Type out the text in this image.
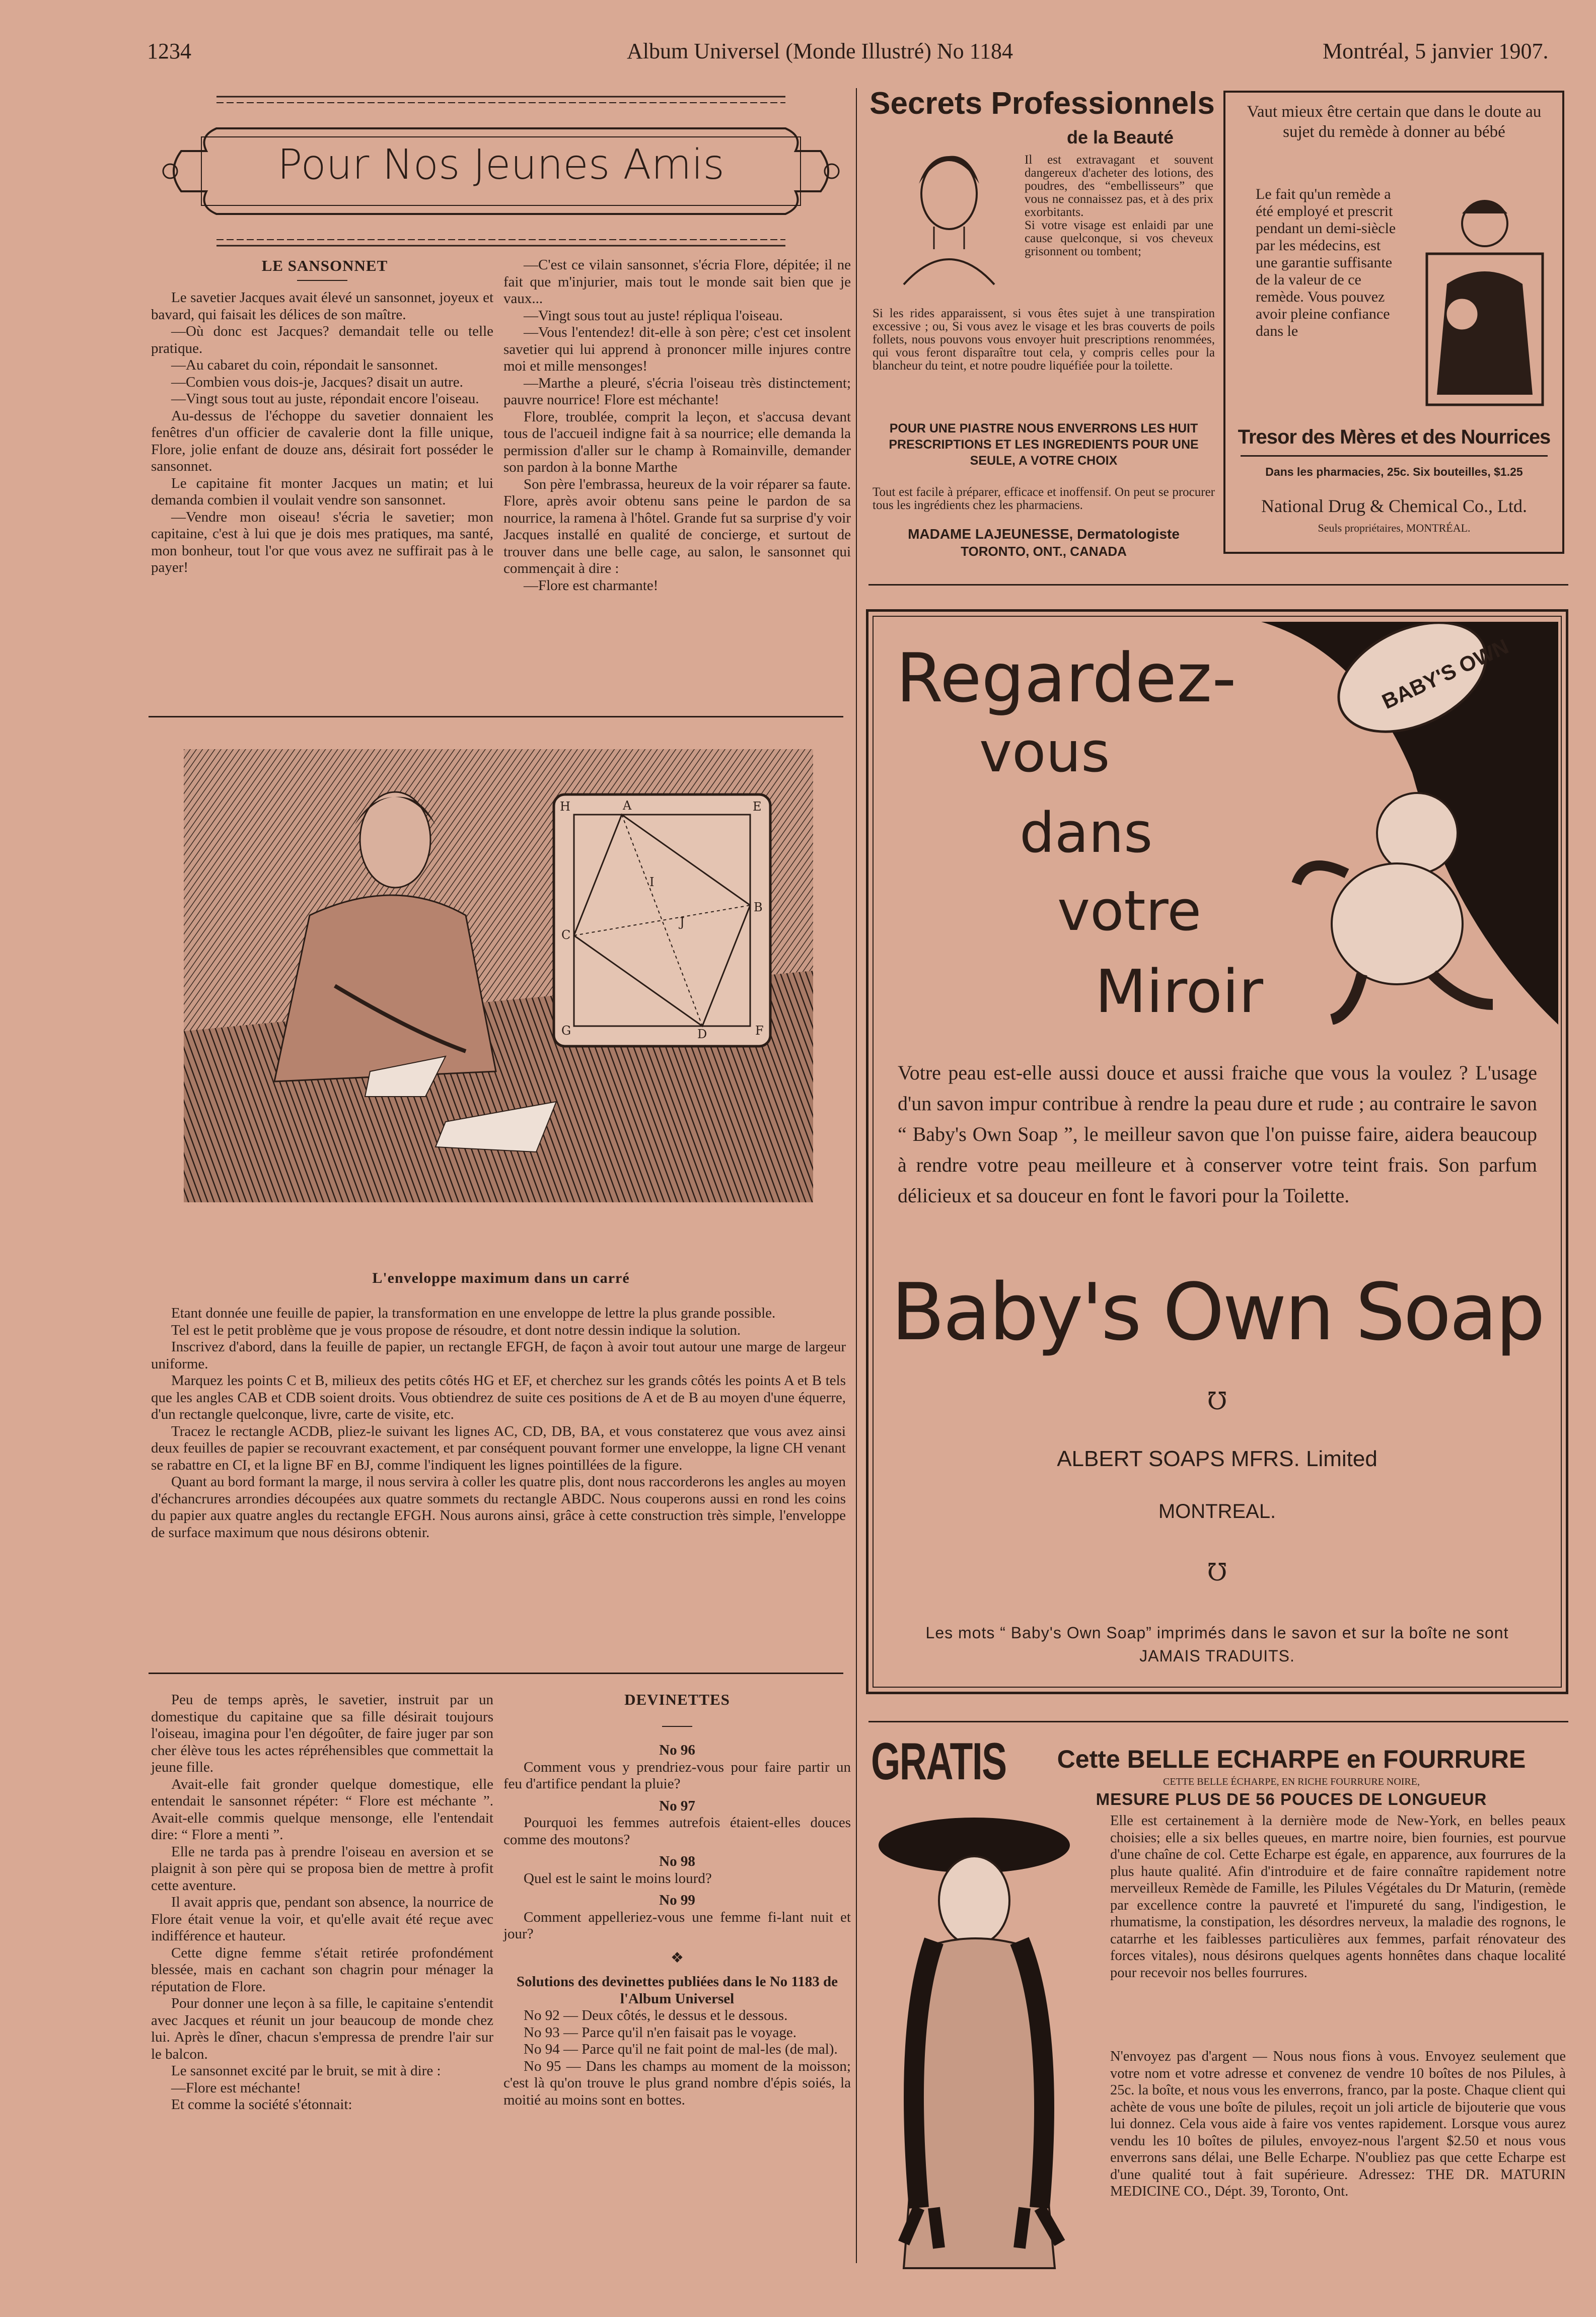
1234	Album Universel (Monde Illustré) No 1184	Montréal, 5 janvier 1907.
Pour Nos Jeunes Amis
LE SANSONNET

Le savetier Jacques avait élevé un sansonnet, joyeux et bavard, qui faisait les délices de son maître.

—Où donc est Jacques? demandait telle ou telle pratique.

—Au cabaret du coin, répondait le sansonnet.

—Combien vous dois-je, Jacques? disait un autre.

—Vingt sous tout au juste, répondait encore l'oiseau.

Au-dessus de l'échoppe du savetier donnaient les fenêtres d'un officier de cavalerie dont la fille unique, Flore, jolie enfant de douze ans, désirait fort posséder le sansonnet.

Le capitaine fit monter Jacques un matin; et lui demanda combien il voulait vendre son sansonnet.

—Vendre mon oiseau! s'écria le savetier; mon capitaine, c'est à lui que je dois mes pratiques, ma santé, mon bonheur, tout l'or que vous avez ne suffirait pas à le payer!

—C'est ce vilain sansonnet, s'écria Flore, dépitée; il ne fait que m'injurier, mais tout le monde sait bien que je vaux...

—Vingt sous tout au juste! répliqua l'oiseau.

—Vous l'entendez! dit-elle à son père; c'est cet insolent savetier qui lui apprend à prononcer mille injures contre moi et mille mensonges!

—Marthe a pleuré, s'écria l'oiseau très distinctement; pauvre nourrice! Flore est méchante!

Flore, troublée, comprit la leçon, et s'accusa devant tous de l'accueil indigne fait à sa nourrice; elle demanda la permission d'aller sur le champ à Romainville, demander son pardon à la bonne Marthe

Son père l'embrassa, heureux de la voir réparer sa faute. Flore, après avoir obtenu sans peine le pardon de sa nourrice, la ramena à l'hôtel. Grande fut sa surprise d'y voir Jacques installé en qualité de concierge, et surtout de trouver dans une belle cage, au salon, le sansonnet qui commençait à dire :

—Flore est charmante!

H	A	E
C
B
G	D	F
I
J
L'enveloppe maximum dans un carré

Etant donnée une feuille de papier, la transformation en une enveloppe de lettre la plus grande possible.

Tel est le petit problème que je vous propose de résoudre, et dont notre dessin indique la solution.

Inscrivez d'abord, dans la feuille de papier, un rectangle EFGH, de façon à avoir tout autour une marge de largeur uniforme.

Marquez les points C et B, milieux des petits côtés HG et EF, et cherchez sur les grands côtés les points A et B tels que les angles CAB et CDB soient droits. Vous obtiendrez de suite ces positions de A et de B au moyen d'une équerre, d'un rectangle quelconque, livre, carte de visite, etc.

Tracez le rectangle ACDB, pliez-le suivant les lignes AC, CD, DB, BA, et vous constaterez que vous avez ainsi deux feuilles de papier se recouvrant exactement, et par conséquent pouvant former une enveloppe, la ligne CH venant se rabattre en CI, et la ligne BF en BJ, comme l'indiquent les lignes pointillées de la figure.

Quant au bord formant la marge, il nous servira à coller les quatre plis, dont nous raccorderons les angles au moyen d'échancrures arrondies découpées aux quatre sommets du rectangle ABDC. Nous couperons aussi en rond les coins du papier aux quatre angles du rectangle EFGH. Nous aurons ainsi, grâce à cette construction très simple, l'enveloppe de surface maximum que nous désirons obtenir.

Peu de temps après, le savetier, instruit par un domestique du capitaine que sa fille désirait toujours l'oiseau, imagina pour l'en dégoûter, de faire juger par son cher élève tous les actes répréhensibles que commettait la jeune fille.

Avait-elle fait gronder quelque domestique, elle entendait le sansonnet répéter: “ Flore est méchante ”. Avait-elle commis quelque mensonge, elle l'entendait dire: “ Flore a menti ”.

Elle ne tarda pas à prendre l'oiseau en aversion et se plaignit à son père qui se proposa bien de mettre à profit cette aventure.

Il avait appris que, pendant son absence, la nourrice de Flore était venue la voir, et qu'elle avait été reçue avec indifférence et hauteur.

Cette digne femme s'était retirée profondément blessée, mais en cachant son chagrin pour ménager la réputation de Flore.

Pour donner une leçon à sa fille, le capitaine s'entendit avec Jacques et réunit un jour beaucoup de monde chez lui. Après le dîner, chacun s'empressa de prendre l'air sur le balcon.

Le sansonnet excité par le bruit, se mit à dire :

—Flore est méchante!

Et comme la société s'étonnait:

DEVINETTES

No 96

Comment vous y prendriez-vous pour faire partir un feu d'artifice pendant la pluie?

No 97

Pourquoi les femmes autrefois étaient-elles douces comme des moutons?

No 98

Quel est le saint le moins lourd?

No 99

Comment appelleriez-vous une femme fi-lant nuit et jour?

❖

Solutions des devinettes publiées dans le No 1183 de l'Album Universel

No 92 — Deux côtés, le dessus et le dessous.

No 93 — Parce qu'il n'en faisait pas le voyage.

No 94 — Parce qu'il ne fait point de mal-les (de mal).

No 95 — Dans les champs au moment de la moisson; c'est là qu'on trouve le plus grand nombre d'épis soiés, la moitié au moins sont en bottes.

Secrets Professionnels
de la Beauté
Il est extravagant et souvent dangereux d'acheter des lotions, des poudres, des “embellisseurs” que vous ne connaissez pas, et à des prix exorbitants.
Si votre visage est enlaidi par une cause quelconque, si vos cheveux grisonnent ou tombent;
Si les rides apparaissent, si vous êtes sujet à une transpiration excessive ; ou, Si vous avez le visage et les bras couverts de poils follets, nous pouvons vous envoyer huit prescriptions renommées, qui vous feront disparaître tout cela, y compris celles pour la blancheur du teint, et notre poudre liquéfiée pour la toilette.
POUR UNE PIASTRE NOUS ENVERRONS LES HUIT PRESCRIPTIONS ET LES INGREDIENTS POUR UNE SEULE, A VOTRE CHOIX
Tout est facile à préparer, efficace et inoffensif. On peut se procurer tous les ingrédients chez les pharmaciens.
MADAME LAJEUNESSE, Dermatologiste
TORONTO, ONT., CANADA
Vaut mieux être certain que dans le doute au sujet du remède à donner au bébé
Le fait qu'un remède a été employé et prescrit pendant un demi-siècle par les médecins, est une garantie suffisante de la valeur de ce remède. Vous pouvez avoir pleine confiance dans le
Tresor des Mères et des Nourrices
Dans les pharmacies, 25c. Six bouteilles, $1.25
National Drug & Chemical Co., Ltd.
Seuls propriétaires, MONTRÉAL.
BABY'S OWN
Regardez-
vous
dans
votre
Miroir
Votre peau est-elle aussi douce et aussi fraiche que vous la voulez ? L'usage d'un savon impur contribue à rendre la peau dure et rude ; au contraire le savon “ Baby's Own Soap ”, le meilleur savon que l'on puisse faire, aidera beaucoup à rendre votre peau meilleure et à conserver votre teint frais. Son parfum délicieux et sa douceur en font le favori pour la Toilette.
Baby's Own Soap
℧
ALBERT SOAPS MFRS. Limited
MONTREAL.
℧
Les mots “ Baby's Own Soap” imprimés dans le savon et sur la boîte ne sont JAMAIS TRADUITS.
GRATIS	Cette BELLE ECHARPE en FOURRURE
CETTE BELLE ÉCHARPE, EN RICHE FOURRURE NOIRE,
MESURE PLUS DE 56 POUCES DE LONGUEUR
Elle est certainement à la dernière mode de New-York, en belles peaux choisies; elle a six belles queues, en martre noire, bien fournies, est pourvue d'une chaîne de col. Cette Echarpe est égale, en apparence, aux fourrures de la plus haute qualité. Afin d'introduire et de faire connaître rapidement notre merveilleux Remède de Famille, les Pilules Végétales du Dr Maturin, (remède par excellence contre la pauvreté et l'impureté du sang, l'indigestion, le rhumatisme, la constipation, les désordres nerveux, la maladie des rognons, le catarrhe et les faiblesses particulières aux femmes, parfait rénovateur des forces vitales), nous désirons quelques agents honnêtes dans chaque localité pour recevoir nos belles fourrures.
N'envoyez pas d'argent — Nous nous fions à vous. Envoyez seulement que votre nom et votre adresse et convenez de vendre 10 boîtes de nos Pilules, à 25c. la boîte, et nous vous les enverrons, franco, par la poste. Chaque client qui achète de vous une boîte de pilules, reçoit un joli article de bijouterie que vous lui donnez. Cela vous aide à faire vos ventes rapidement. Lorsque vous aurez vendu les 10 boîtes de pilules, envoyez-nous l'argent $2.50 et nous vous enverrons sans délai, une Belle Echarpe. N'oubliez pas que cette Echarpe est d'une qualité tout à fait supérieure. Adressez: THE DR. MATURIN MEDICINE CO., Dépt. 39, Toronto, Ont.
